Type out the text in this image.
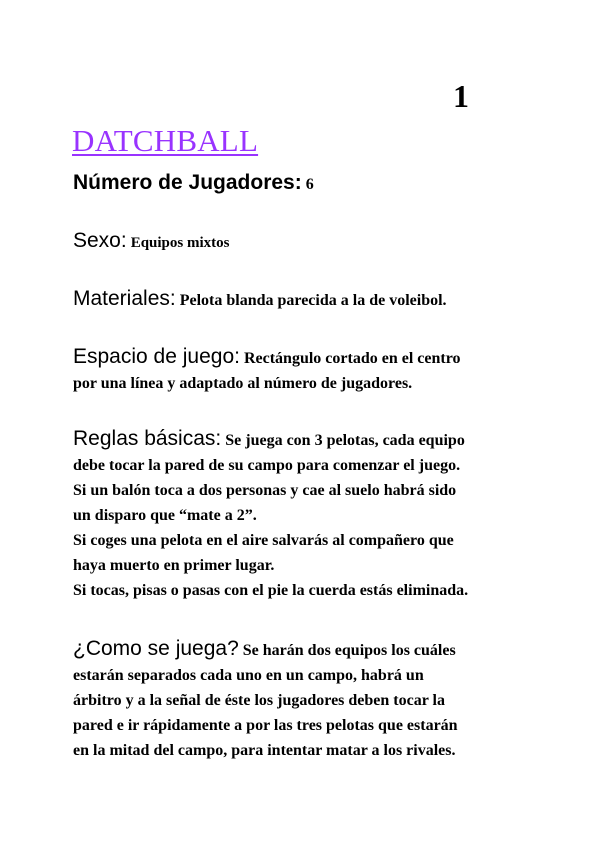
1
DATCHBALL
Número de Jugadores: 6
Sexo: Equipos mixtos
Materiales: Pelota blanda parecida a la de voleibol.
Espacio de juego: Rectángulo cortado en el centro
por una línea y adaptado al número de jugadores.
Reglas básicas: Se juega con 3 pelotas, cada equipo
debe tocar la pared de su campo para comenzar el juego.
Si un balón toca a dos personas y cae al suelo habrá sido
un disparo que “mate a 2”.
Si coges una pelota en el aire salvarás al compañero que
haya muerto en primer lugar.
Si tocas, pisas o pasas con el pie la cuerda estás eliminada.
¿Como se juega? Se harán dos equipos los cuáles
estarán separados cada uno en un campo, habrá un
árbitro y a la señal de éste los jugadores deben tocar la
pared e ir rápidamente a por las tres pelotas que estarán
en la mitad del campo, para intentar matar a los rivales.
